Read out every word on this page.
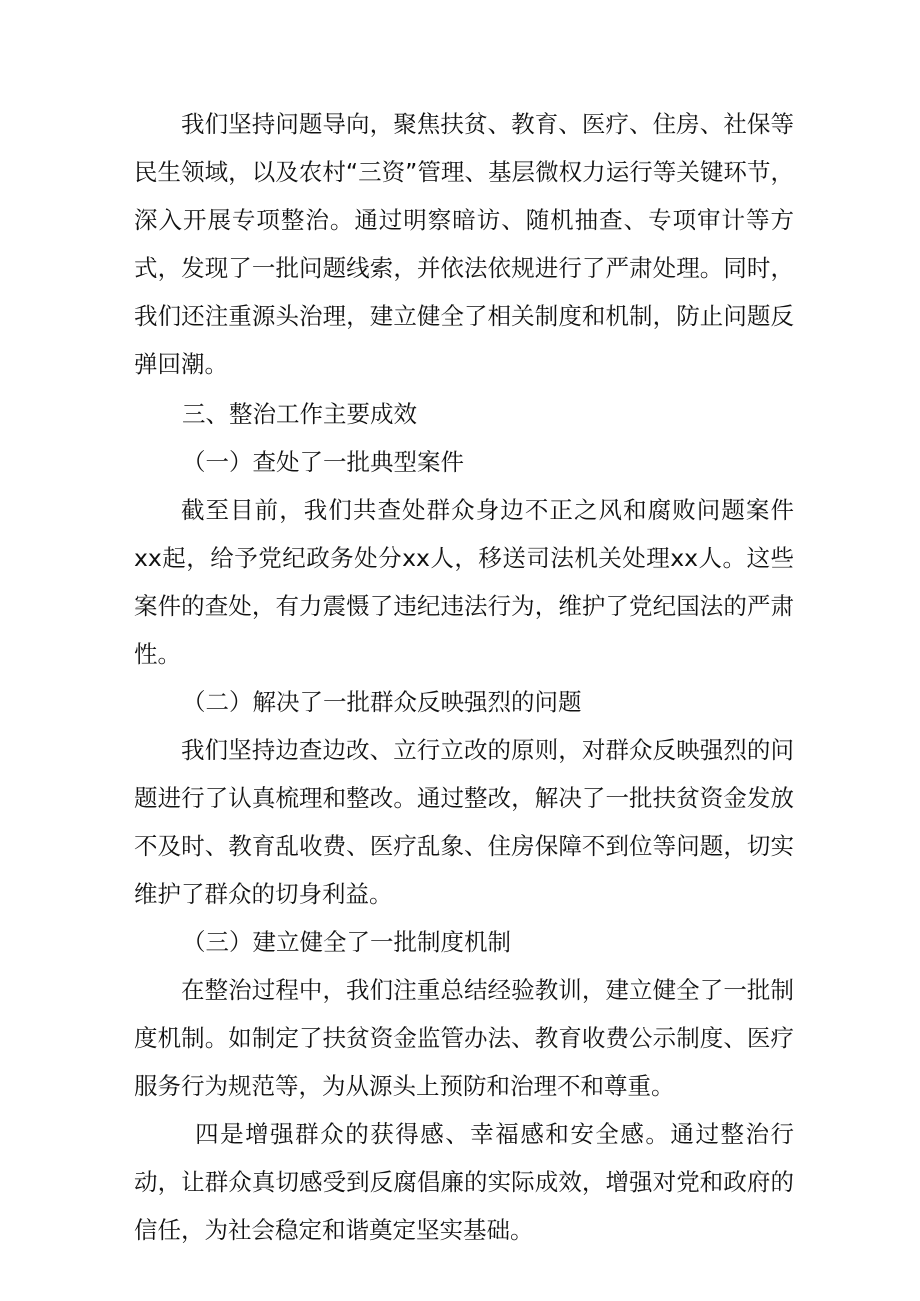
我们坚持问题导向，聚焦扶贫、教育、医疗、住房、社保等民生领域，以及农村“三资”管理、基层微权力运行等关键环节，深入开展专项整治。通过明察暗访、随机抽查、专项审计等方式，发现了一批问题线索，并依法依规进行了严肃处理。同时，我们还注重源头治理，建立健全了相关制度和机制，防止问题反弹回潮。

三、整治工作主要成效

（一）查处了一批典型案件

截至目前，我们共查处群众身边不正之风和腐败问题案件xx起，给予党纪政务处分xx人，移送司法机关处理xx人。这些案件的查处，有力震慑了违纪违法行为，维护了党纪国法的严肃性。

（二）解决了一批群众反映强烈的问题

我们坚持边查边改、立行立改的原则，对群众反映强烈的问题进行了认真梳理和整改。通过整改，解决了一批扶贫资金发放不及时、教育乱收费、医疗乱象、住房保障不到位等问题，切实维护了群众的切身利益。

（三）建立健全了一批制度机制

在整治过程中，我们注重总结经验教训，建立健全了一批制度机制。如制定了扶贫资金监管办法、教育收费公示制度、医疗服务行为规范等，为从源头上预防和治理不和尊重。

四是增强群众的获得感、幸福感和安全感。通过整治行动，让群众真切感受到反腐倡廉的实际成效，增强对党和政府的信任，为社会稳定和谐奠定坚实基础。
